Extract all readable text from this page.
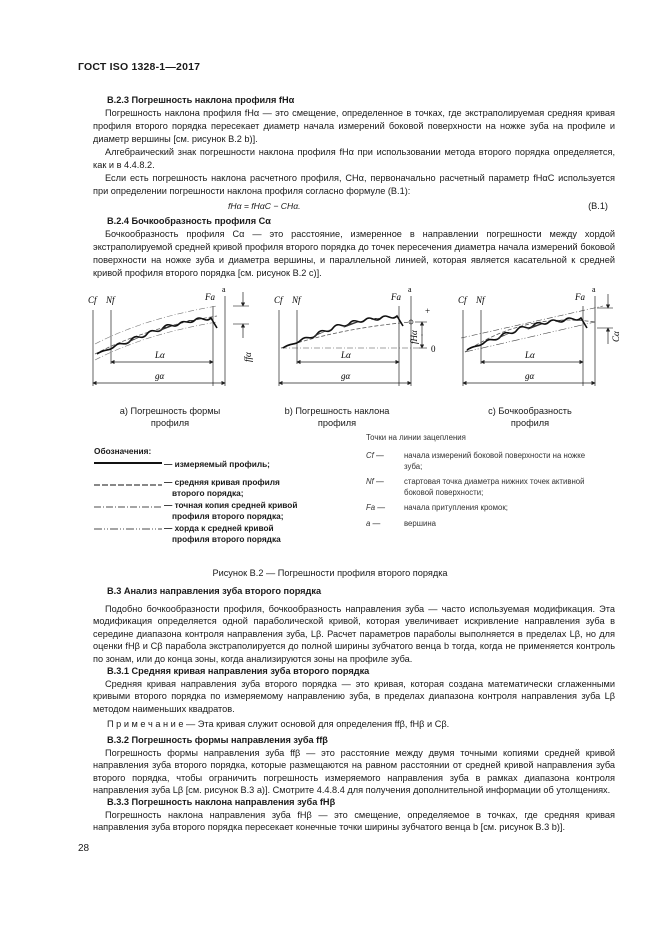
ГОСТ ISO 1328-1—2017
B.2.3 Погрешность наклона профиля fHα
Погрешность наклона профиля fHα — это смещение, определенное в точках, где экстраполируемая средняя кривая профиля второго порядка пересекает диаметр начала измерений боковой поверхности на ножке зуба на профиле и диаметр вершины [см. рисунок B.2 b)].
Алгебраический знак погрешности наклона профиля fHα при использовании метода второго порядка определяется, как и в 4.4.8.2.
Если есть погрешность наклона расчетного профиля, CHα, первоначально расчетный параметр fHαC используется при определении погрешности наклона профиля согласно формуле (B.1):
fHα = fHαC − CHα.	(B.1)
B.2.4 Бочкообразность профиля Cα
Бочкообразность профиля Cα — это расстояние, измеренное в направлении погрешности между хордой экстраполируемой средней кривой профиля второго порядка до точек пересечения диаметра начала измерений боковой поверхности на ножке зуба и диаметра вершины, и параллельной линией, которая является касательной к средней кривой профиля второго порядка [см. рисунок B.2 c)].
Cf Nf	Fa
a
Lα
gα
ffα
Cf Nf	Fa
a
+
0
Lα
gα
fHα
Cf Nf	Fa
a
Lα
gα
Cα
a) Погрешность формы
профиля
b) Погрешность наклона
профиля
c) Бочкообразность
профиля
Обозначения:
— измеряемый профиль;
— средняя кривая профиля
второго порядка;
— точная копия средней кривой
профиля второго порядка;
— хорда к средней кривой
профиля второго порядка
Точки на линии зацепления
Cf —	начала измерений боковой поверхности на ножке
зуба;
Nf —	стартовая точка диаметра нижних точек активной
боковой поверхности;
Fa —	начала притупления кромок;
a —	вершина
Рисунок B.2 — Погрешности профиля второго порядка
B.3 Анализ направления зуба второго порядка
Подобно бочкообразности профиля, бочкообразность направления зуба — часто используемая модификация. Эта модификация определяется одной параболической кривой, которая увеличивает искривление направления зуба в середине диапазона контроля направления зуба, Lβ. Расчет параметров параболы выполняется в пределах Lβ, но для оценки fHβ и Cβ парабола экстраполируется до полной ширины зубчатого венца b тогда, когда не применяется контроль по зонам, или до конца зоны, когда анализируются зоны на профиле зуба.
B.3.1 Средняя кривая направления зуба второго порядка
Средняя кривая направления зуба второго порядка — это кривая, которая создана математически сглаженными кривыми второго порядка по измеряемому направлению зуба, в пределах диапазона контроля направления зуба Lβ методом наименьших квадратов.
П р и м е ч а н и е — Эта кривая служит основой для определения ffβ, fHβ и Cβ.
B.3.2 Погрешность формы направления зуба ffβ
Погрешность формы направления зуба ffβ — это расстояние между двумя точными копиями средней кривой направления зуба второго порядка, которые размещаются на равном расстоянии от средней кривой направления зуба второго порядка, чтобы ограничить погрешность измеряемого направления зуба в рамках диапазона контроля направления зуба Lβ [см. рисунок B.3 a)]. Смотрите 4.4.8.4 для получения дополнительной информации об утолщениях.
B.3.3 Погрешность наклона направления зуба fHβ
Погрешность наклона направления зуба fHβ — это смещение, определяемое в точках, где средняя кривая направления зуба второго порядка пересекает конечные точки ширины зубчатого венца b [см. рисунок B.3 b)].
28
